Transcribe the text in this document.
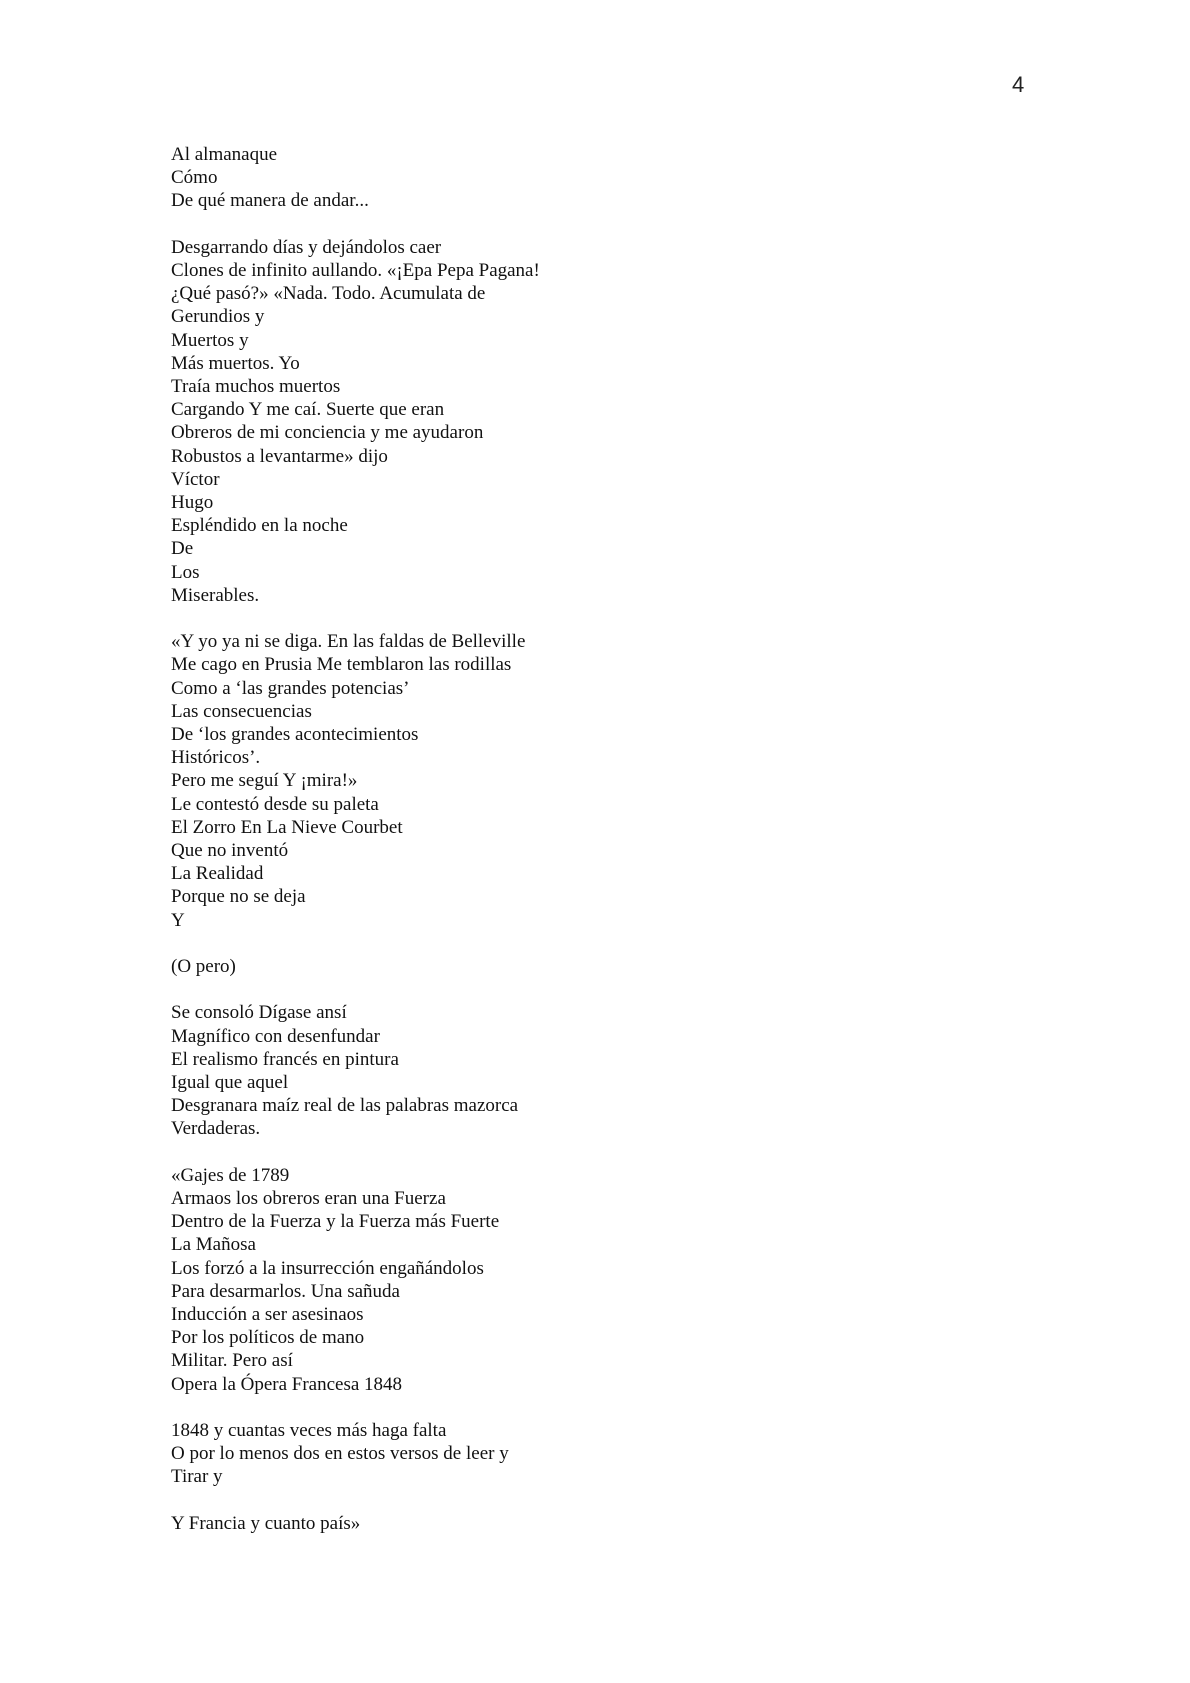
4
Al almanaque
Cómo
De qué manera de andar...
Desgarrando días y dejándolos caer
Clones de infinito aullando. «¡Epa Pepa Pagana!
¿Qué pasó?» «Nada. Todo. Acumulata de
Gerundios y
Muertos y
Más muertos. Yo
Traía muchos muertos
Cargando Y me caí. Suerte que eran
Obreros de mi conciencia y me ayudaron
Robustos a levantarme» dijo
Víctor
Hugo
Espléndido en la noche
De
Los
Miserables.
«Y yo ya ni se diga. En las faldas de Belleville
Me cago en Prusia Me temblaron las rodillas
Como a ‘las grandes potencias’
Las consecuencias
De ‘los grandes acontecimientos
Históricos’.
Pero me seguí Y ¡mira!»
Le contestó desde su paleta
El Zorro En La Nieve Courbet
Que no inventó
La Realidad
Porque no se deja
Y
(O pero)
Se consoló Dígase ansí
Magnífico con desenfundar
El realismo francés en pintura
Igual que aquel
Desgranara maíz real de las palabras mazorca
Verdaderas.
«Gajes de 1789
Armaos los obreros eran una Fuerza
Dentro de la Fuerza y la Fuerza más Fuerte
La Mañosa
Los forzó a la insurrección engañándolos
Para desarmarlos. Una sañuda
Inducción a ser asesinaos
Por los políticos de mano
Militar. Pero así
Opera la Ópera Francesa 1848
1848 y cuantas veces más haga falta
O por lo menos dos en estos versos de leer y
Tirar y
Y Francia y cuanto país»
